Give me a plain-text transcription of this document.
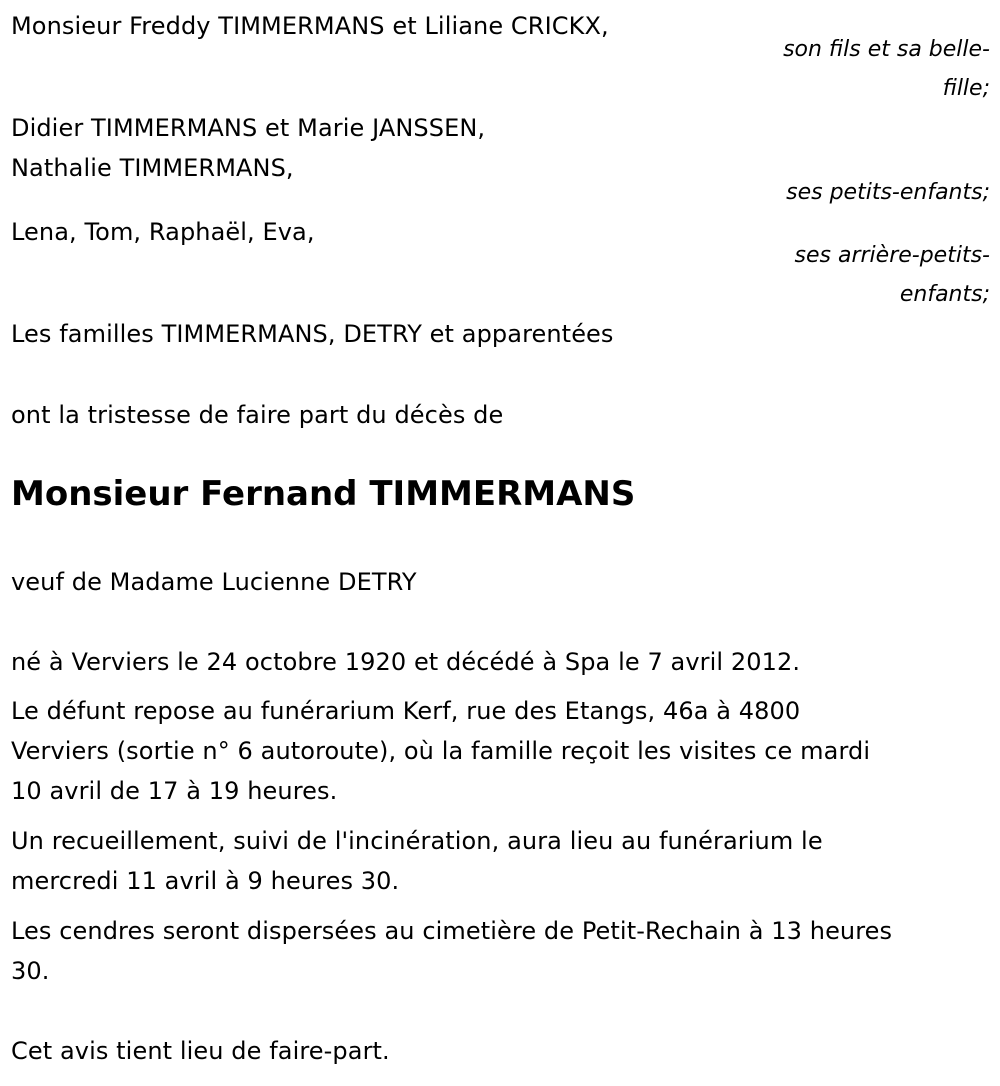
Monsieur Freddy TIMMERMANS et Liliane CRICKX,
son fils et sa belle-
fille;
Didier TIMMERMANS et Marie JANSSEN,
Nathalie TIMMERMANS,
ses petits-enfants;
Lena, Tom, Raphaël, Eva,
ses arrière-petits-
enfants;
Les familles TIMMERMANS, DETRY et apparentées
ont la tristesse de faire part du décès de
Monsieur Fernand TIMMERMANS
veuf de Madame Lucienne DETRY
né à Verviers le 24 octobre 1920 et décédé à Spa le 7 avril 2012.
Le défunt repose au funérarium Kerf, rue des Etangs, 46a à 4800
Verviers (sortie n° 6 autoroute), où la famille reçoit les visites ce mardi
10 avril de 17 à 19 heures.
Un recueillement, suivi de l'incinération, aura lieu au funérarium le
mercredi 11 avril à 9 heures 30.
Les cendres seront dispersées au cimetière de Petit-Rechain à 13 heures
30.
Cet avis tient lieu de faire-part.
